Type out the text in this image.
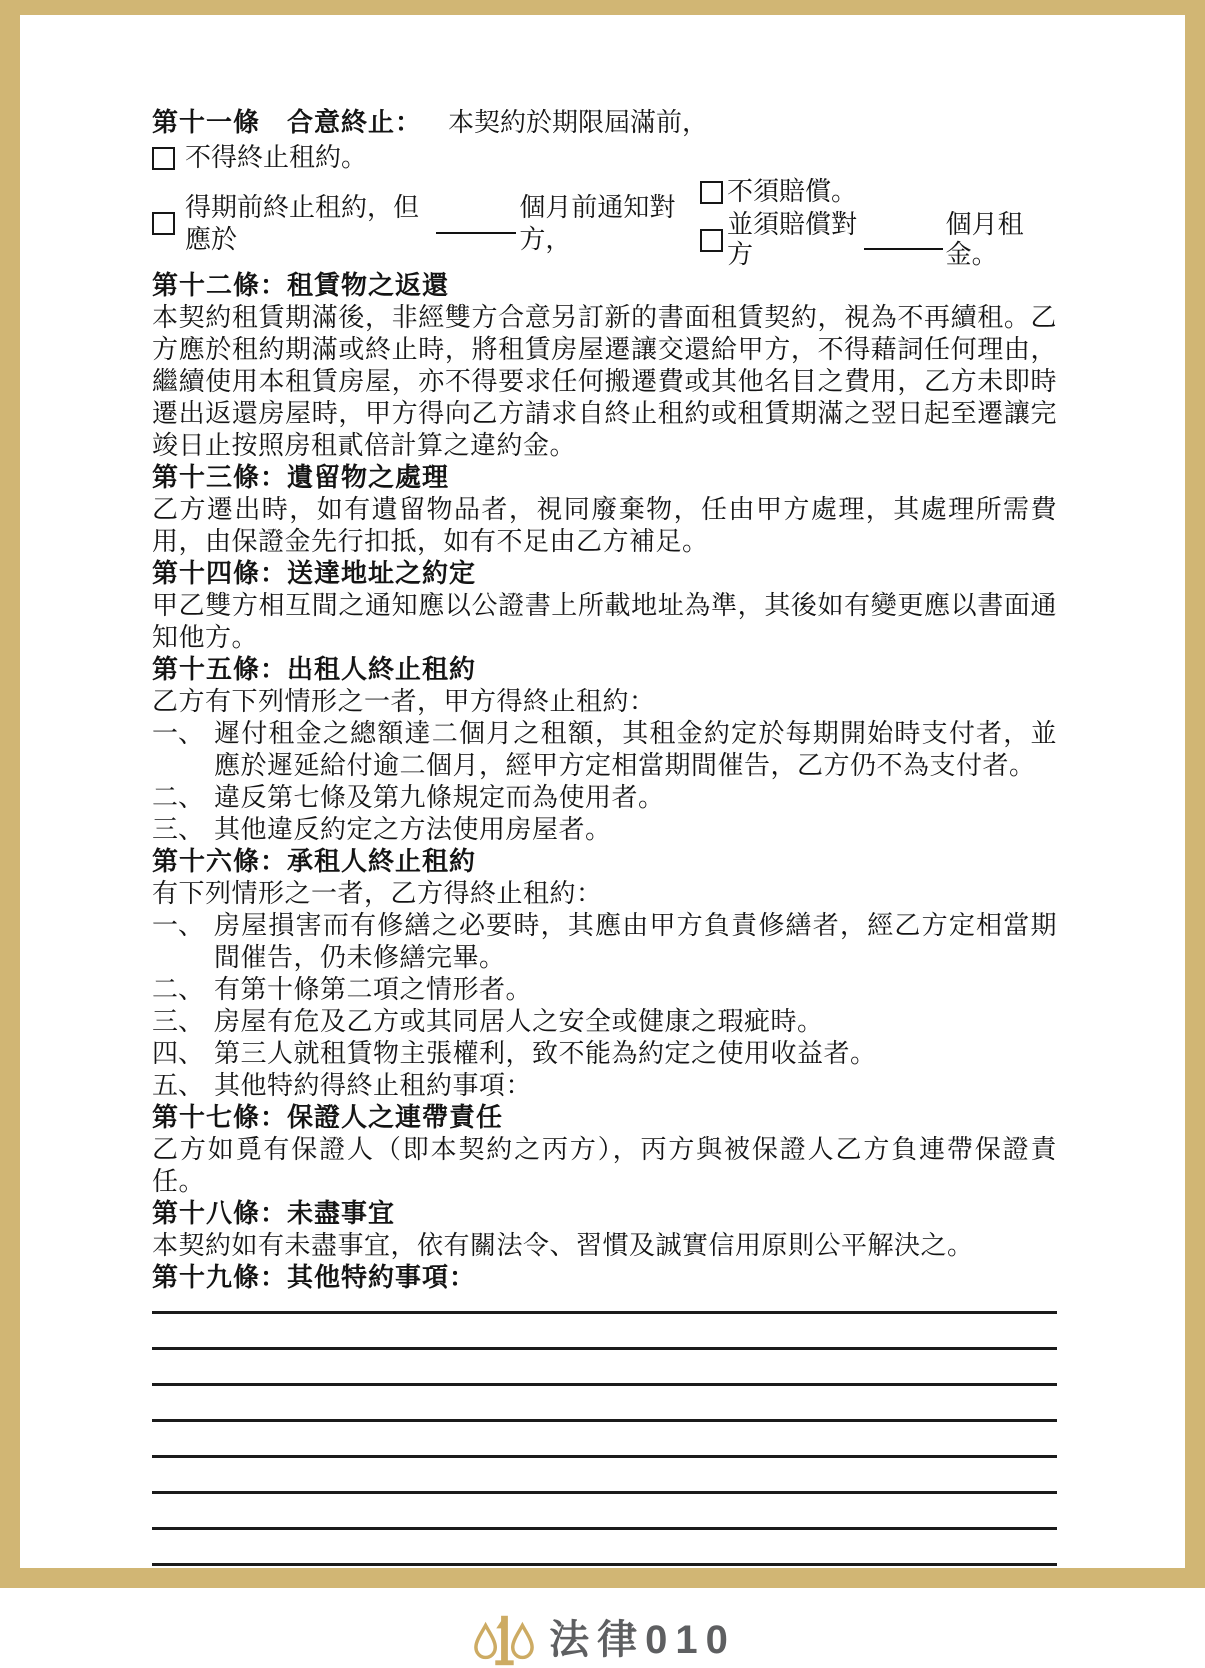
第十一條　合意終止： 本契約於期限屆滿前，
不得終止租約。
得期前終止租約，但應於
個月前通知對方，
不須賠償。
並須賠償對方
個月租金。
第十二條：租賃物之返還

本契約租賃期滿後，非經雙方合意另訂新的書面租賃契約，視為不再續租。乙方應於租約期滿或終止時，將租賃房屋遷讓交還給甲方，不得藉詞任何理由，繼續使用本租賃房屋，亦不得要求任何搬遷費或其他名目之費用，乙方未即時遷出返還房屋時，甲方得向乙方請求自終止租約或租賃期滿之翌日起至遷讓完竣日止按照房租貳倍計算之違約金。

第十三條：遺留物之處理

乙方遷出時，如有遺留物品者，視同廢棄物，任由甲方處理，其處理所需費用，由保證金先行扣抵，如有不足由乙方補足。

第十四條：送達地址之約定

甲乙雙方相互間之通知應以公證書上所載地址為準，其後如有變更應以書面通知他方。

第十五條：出租人終止租約

乙方有下列情形之一者，甲方得終止租約：

一、 遲付租金之總額達二個月之租額，其租金約定於每期開始時支付者，並應於遲延給付逾二個月，經甲方定相當期間催告，乙方仍不為支付者。
二、 違反第七條及第九條規定而為使用者。
三、 其他違反約定之方法使用房屋者。
第十六條：承租人終止租約

有下列情形之一者，乙方得終止租約：

一、 房屋損害而有修繕之必要時，其應由甲方負責修繕者，經乙方定相當期間催告，仍未修繕完畢。
二、 有第十條第二項之情形者。
三、 房屋有危及乙方或其同居人之安全或健康之瑕疵時。
四、 第三人就租賃物主張權利，致不能為約定之使用收益者。
五、 其他特約得終止租約事項：
第十七條：保證人之連帶責任

乙方如覓有保證人（即本契約之丙方），丙方與被保證人乙方負連帶保證責任。

第十八條：未盡事宜

本契約如有未盡事宜，依有關法令、習慣及誠實信用原則公平解決之。

第十九條：其他特約事項：
法律010
